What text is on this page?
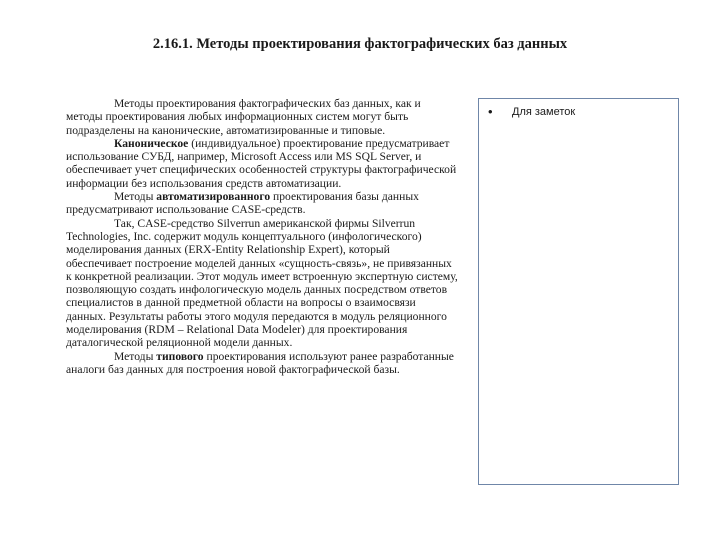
2.16.1. Методы проектирования фактографических баз данных

Методы проектирования фактографических баз данных, как и методы проектирования любых информационных систем могут быть подразделены на канонические, автоматизированные и типовые.

Каноническое (индивидуальное) проектирование предусматривает использование СУБД, например, Microsoft Access или MS SQL Server, и обеспечивает учет специфических особенностей структуры фактографической информации без использования средств автоматизации.

Методы автоматизированного проектирования базы данных предусматривают использование CASE-средств.

Так, CASE-средство Silverrun американской фирмы Silverrun Technologies, Inc. содержит модуль концептуального (инфологического) моделирования данных (ERX-Entity Relationship Expert), который обеспечивает построение моделей данных «сущность-связь», не привязанных к конкретной реализации. Этот модуль имеет встроенную экспертную систему, позволяющую создать инфологическую модель данных посредством ответов специалистов в данной предметной области на вопросы о взаимосвязи данных. Результаты работы этого модуля передаются в модуль реляционного моделирования (RDM – Relational Data Modeler) для проектирования даталогической реляционной модели данных.

Методы типового проектирования используют ранее разработанные аналоги баз данных для построения новой фактографической базы.

• Для заметок
